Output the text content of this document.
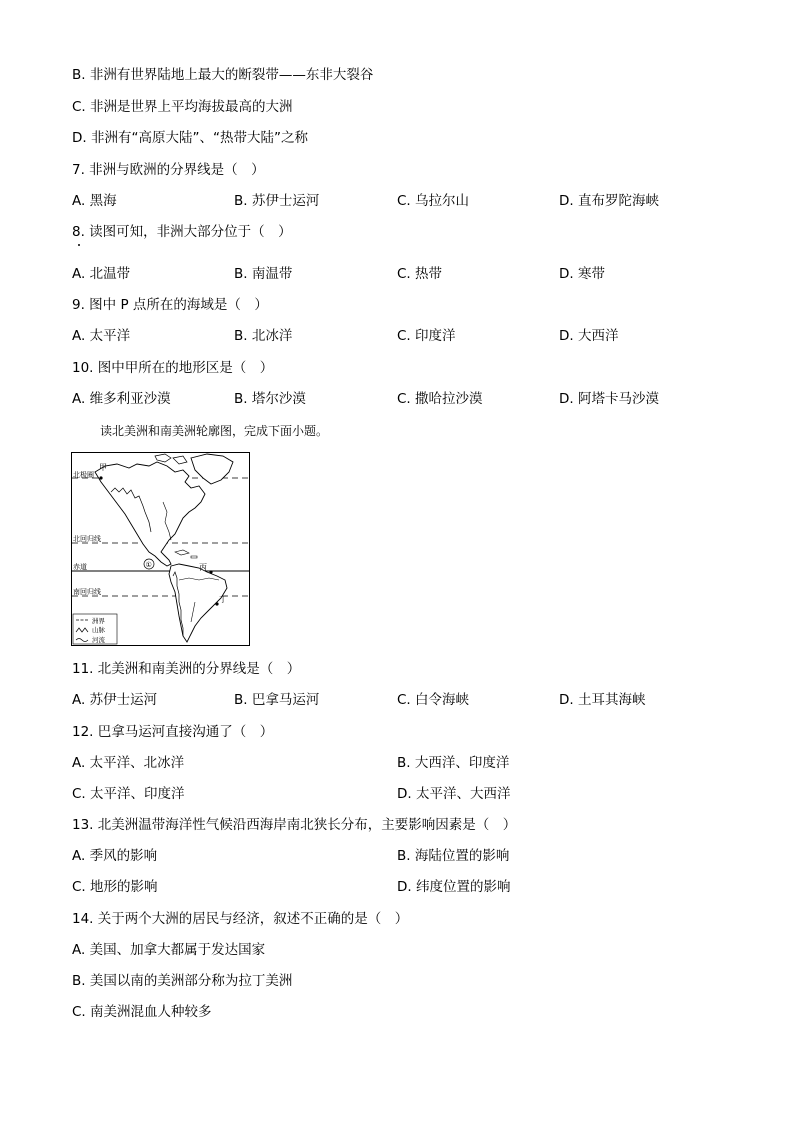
B. 非洲有世界陆地上最大的断裂带——东非大裂谷
C. 非洲是世界上平均海拔最高的大洲
D. 非洲有“高原大陆”、“热带大陆”之称
7. 非洲与欧洲的分界线是（　）
A. 黑海	B. 苏伊士运河	C. 乌拉尔山	D. 直布罗陀海峡
8. 读图可知，非洲大部分位于（　）
A. 北温带	B. 南温带	C. 热带	D. 寒带
9. 图中 P 点所在的海域是（　）
A. 太平洋	B. 北冰洋	C. 印度洋	D. 大西洋
10. 图中甲所在的地形区是（　）
A. 维多利亚沙漠	B. 塔尔沙漠	C. 撒哈拉沙漠	D. 阿塔卡马沙漠
读北美洲和南美洲轮廓图，完成下面小题。
北极圈
北回归线
赤道
南回归线
甲
丙
丁
①
洲界
山脉
河流
11. 北美洲和南美洲的分界线是（　）
A. 苏伊士运河	B. 巴拿马运河	C. 白令海峡	D. 土耳其海峡
12. 巴拿马运河直接沟通了（　）
A. 太平洋、北冰洋	B. 大西洋、印度洋
C. 太平洋、印度洋	D. 太平洋、大西洋
13. 北美洲温带海洋性气候沿西海岸南北狭长分布，主要影响因素是（　）
A. 季风的影响	B. 海陆位置的影响
C. 地形的影响	D. 纬度位置的影响
14. 关于两个大洲的居民与经济，叙述不正确的是（　）
A. 美国、加拿大都属于发达国家
B. 美国以南的美洲部分称为拉丁美洲
C. 南美洲混血人种较多
